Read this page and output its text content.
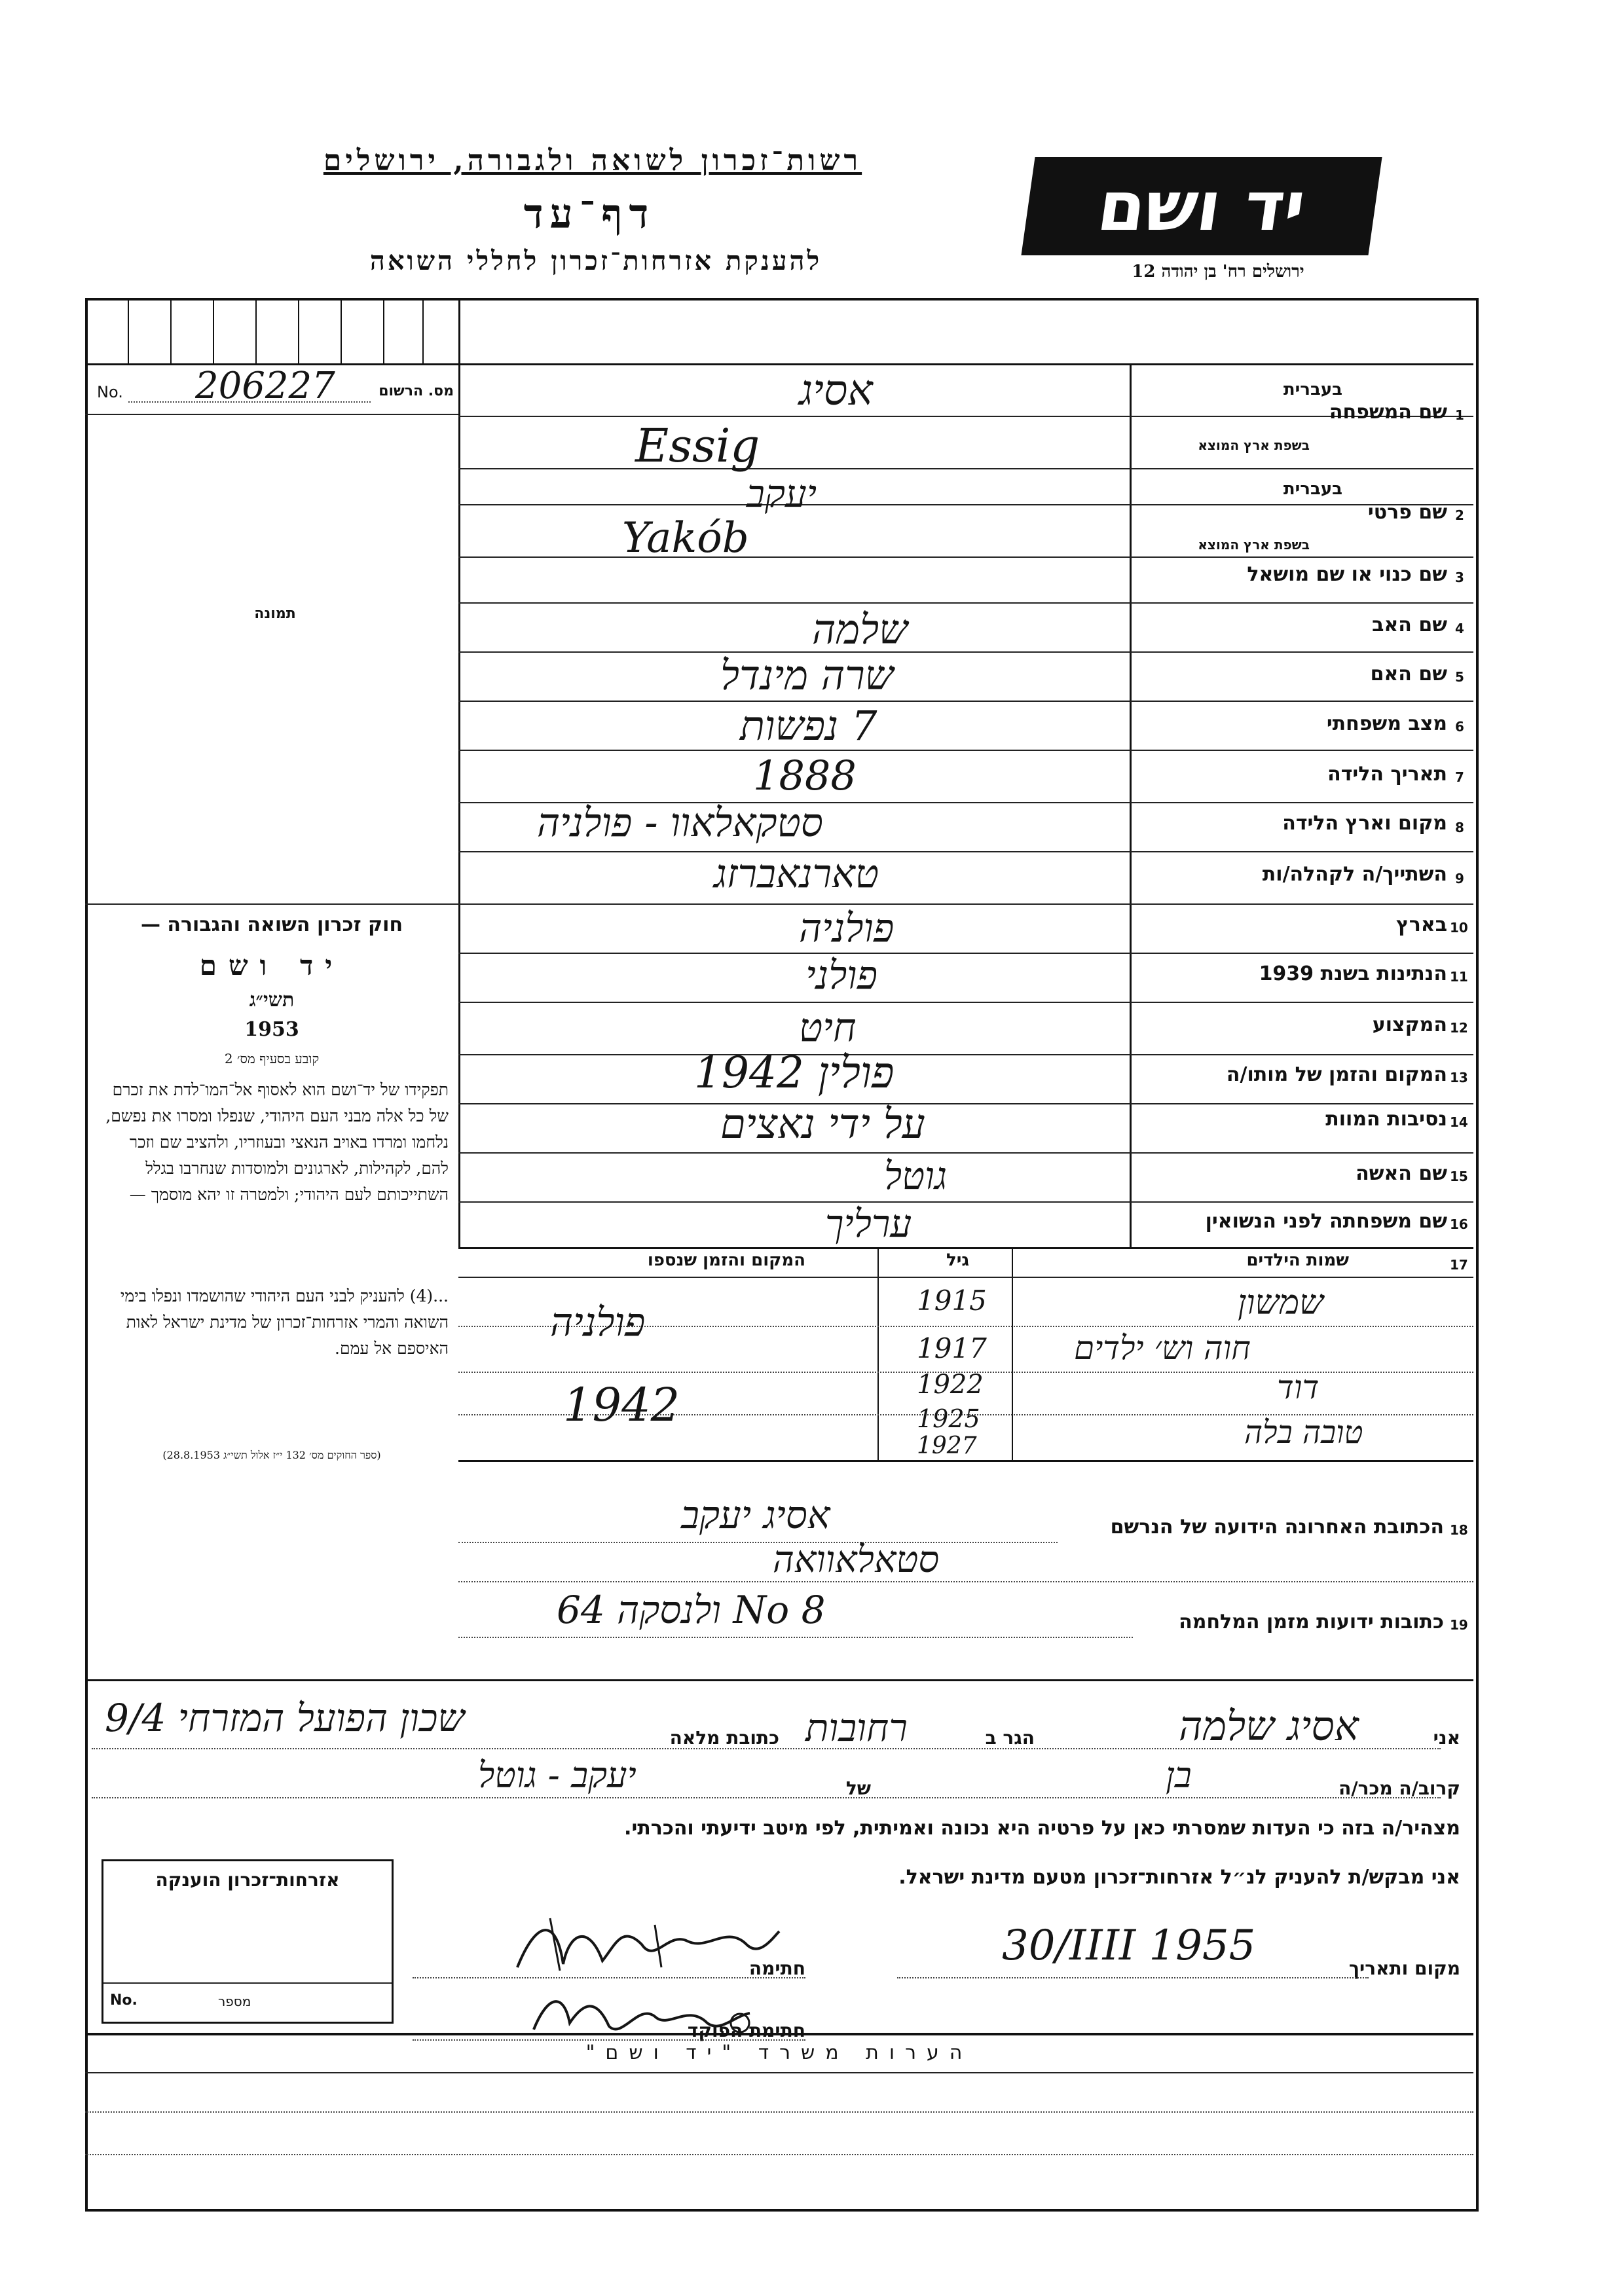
רשות־זכרון לשואה ולגבורה, ירושלים
דף־עד
להענקת אזרחות־זכרון לחללי השואה
יד ושם
ירושלים רח' בן יהודה 12
No. 206227	מס. הרשום
תמונה
חוק זכרון השואה והגבורה —
יד ושם
תשי״ג
1953
קובע בסעיף מס׳ 2
תפקידו של יד־ושם הוא לאסוף אל־המו־לדת את זכרם של כל אלה מבני העם היהודי, שנפלו ומסרו את נפשם, נלחמו ומרדו באויב הנאצי ובעוזריו, ולהציב שם וזכר להם, לקהילות, לארגונים ולמוסדות שנחרבו בגלל השתייכותם לעם היהודי; ולמטרה זו יהא מוסמך —
...(4) להעניק לבני העם היהודי שהושמדו ונפלו בימי השואה והמרי אזרחות־זכרון של מדינת ישראל לאות האיספם אל עמם.
(ספר החוקים מס׳ 132 י״ז אלול תשי״ג 28.8.1953)
1
שם המשפחה
בעברית
בשפת ארץ המוצא
אסיג
Essig
2
שם פרטי
בעברית
בשפת ארץ המוצא
יעקב
Yakób
3
שם כנוי או שם מושאל
4
שם האב
שלמה
5
שם האם
שרה מינדל
6
מצב משפחתי
7 נפשות
7
תאריך הלידה
1888
8
מקום וארץ הלידה
סטקאלאוו - פולניה
9
השתייך/ה לקהלה/ות
טארנאברזג
10
בארץ
פולניה
11
הנתינות בשנת 1939
פולני
12
המקצוע
חיט
13
המקום והזמן של מותו/ה
פולין 1942
14
נסיבות המוות
על ידי נאצים
15
שם האשה
גוטל
16
שם משפחתה לפני הנשואין
ערליך
17
שמות הילדים
גיל
המקום והזמן שנספו
שמשון
חוה וש׳ ילדים
דוד
טובה בלה
1915
1917
1922
1925
1927
פולניה
1942
18
הכתובת האחרונה הידועה של הנרשם
אסיג יעקב
סטאלאוואה
19
כתובות ידועות מזמן המלחמה
No 8 ולנסקה 64
אני
אסיג שלמה
הגר ב
רחובות
כתובת מלאה
שכון הפועל המזרחי 9/4
קרוב/ה מכר/ה
בן
של
יעקב - גוטל
מצהיר/ה בזה כי העדות שמסרתי כאן על פרטיה היא נכונה ואמיתית, לפי מיטב ידיעתי והכרתי.
אני מבקש/ת להעניק לנ״ל אזרחות־זכרון מטעם מדינת ישראל.
מקום ותאריך
30/IIII 1955
חתימה
חתימת הפוקד
אזרחות־זכרון הוענקה
No.	מספר
הערות משרד "יד ושם"
